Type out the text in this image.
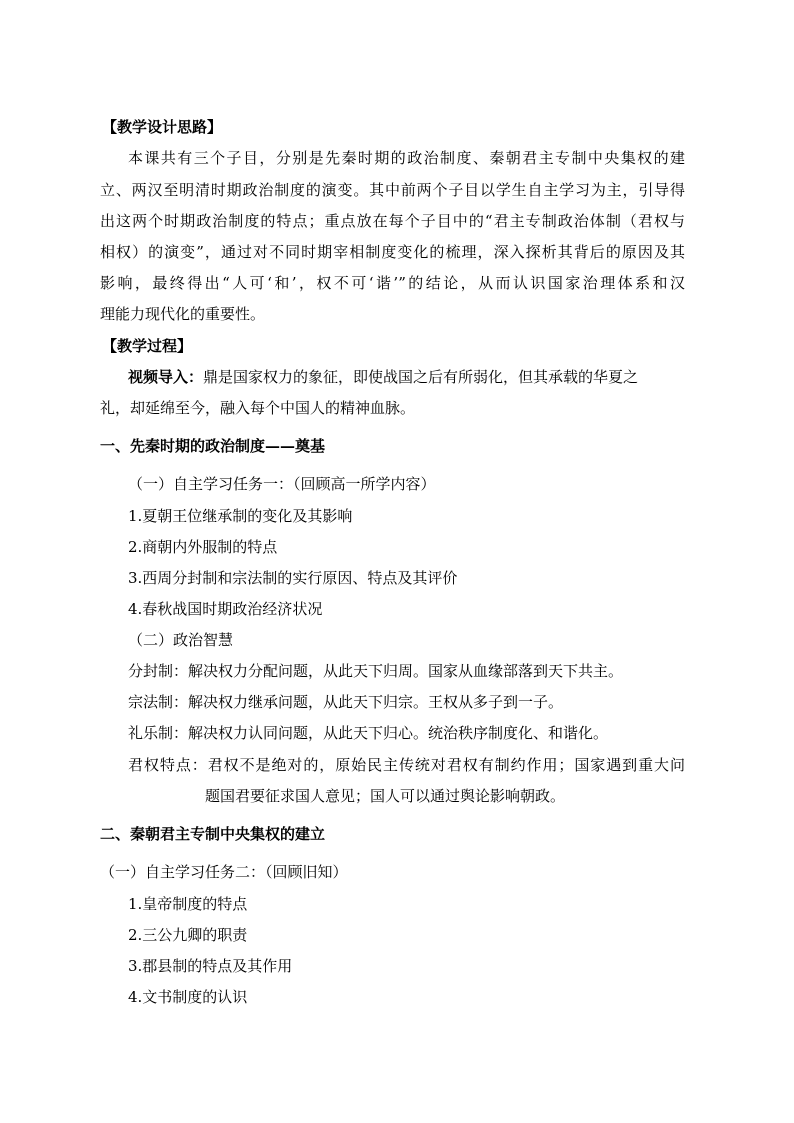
【教学设计思路】
本课共有三个子目，分别是先秦时期的政治制度、秦朝君主专制中央集权的建
立、两汉至明清时期政治制度的演变。其中前两个子目以学生自主学习为主，引导得
出这两个时期政治制度的特点；重点放在每个子目中的“君主专制政治体制（君权与
相权）的演变”，通过对不同时期宰相制度变化的梳理，深入探析其背后的原因及其
影响，最终得出“人可‘和’，权不可‘谐’”的结论，从而认识国家治理体系和汉
理能力现代化的重要性。
【教学过程】
视频导入：鼎是国家权力的象征，即使战国之后有所弱化，但其承载的华夏之
礼，却延绵至今，融入每个中国人的精神血脉。
一、先秦时期的政治制度——奠基
（一）自主学习任务一：（回顾高一所学内容）
1.夏朝王位继承制的变化及其影响
2.商朝内外服制的特点
3.西周分封制和宗法制的实行原因、特点及其评价
4.春秋战国时期政治经济状况
（二）政治智慧
分封制：解决权力分配问题，从此天下归周。国家从血缘部落到天下共主。
宗法制：解决权力继承问题，从此天下归宗。王权从多子到一子。
礼乐制：解决权力认同问题，从此天下归心。统治秩序制度化、和谐化。
君权特点：君权不是绝对的，原始民主传统对君权有制约作用；国家遇到重大问
题国君要征求国人意见；国人可以通过舆论影响朝政。
二、秦朝君主专制中央集权的建立
（一）自主学习任务二：（回顾旧知）
1.皇帝制度的特点
2.三公九卿的职责
3.郡县制的特点及其作用
4.文书制度的认识
